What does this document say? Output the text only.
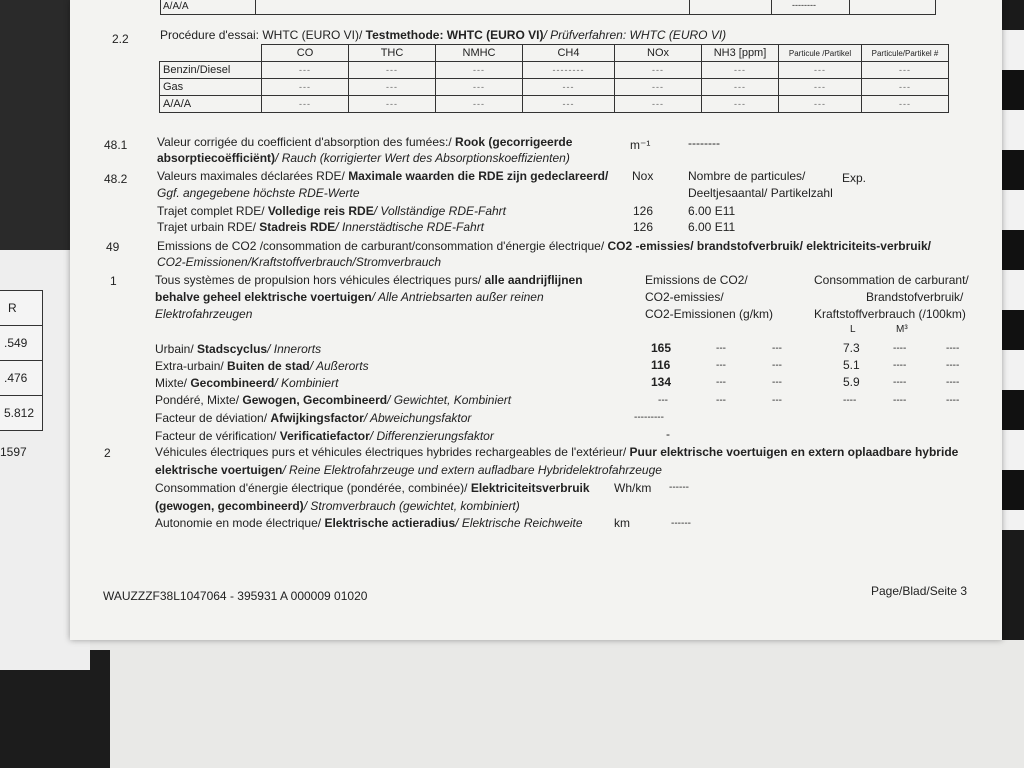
R
.549
.476
5.812
1597
A/A/A	--------
2.2	Procédure d'essai: WHTC (EURO VI)/ Testmethode: WHTC (EURO VI)/ Prüfverfahren: WHTC (EURO VI)
	CO	THC	NMHC	CH4	NOx	NH3 [ppm]	Particule /Partikel	Particule/Partikel #
Benzin/Diesel	---	---	---	--------	---	---	---	---
Gas	---	---	---	---	---	---	---	---
A/A/A	---	---	---	---	---	---	---	---
48.1 Valeur corrigée du coefficient d'absorption des fumées:/ Rook (gecorrigeerde
absorptiecoëfficiënt)/ Rauch (korrigierter Wert des Absorptionskoeffizienten)
m⁻¹	--------
48.2 Valeurs maximales déclarées RDE/ Maximale waarden die RDE zijn gedeclareerd/
Ggf. angegebene höchste RDE-Werte
Nox	Nombre de particules/
Deeltjesaantal/ Partikelzahl
Exp.
Trajet complet RDE/ Volledige reis RDE/ Vollständige RDE-Fahrt	126	6.00 E11
Trajet urbain RDE/ Stadreis RDE/ Innerstädtische RDE-Fahrt	126	6.00 E11
49	Emissions de CO2 /consommation de carburant/consommation d'énergie électrique/ CO2 -emissies/ brandstofverbruik/ elektriciteits-verbruik/
CO2-Emissionen/Kraftstoffverbrauch/Stromverbrauch
1	Tous systèmes de propulsion hors véhicules électriques purs/ alle aandrijflijnen
behalve geheel elektrische voertuigen/ Alle Antriebsarten außer reinen
Elektrofahrzeugen
Emissions de CO2/
CO2-emissies/
CO2-Emissionen (g/km)
Consommation de carburant/
Brandstofverbruik/
Kraftstoffverbrauch (/100km)
L	M³
Urbain/ Stadscyclus/ Innerorts	165	---	---	7.3	----	----
Extra-urbain/ Buiten de stad/ Außerorts	116	---	---	5.1	----	----
Mixte/ Gecombineerd/ Kombiniert	134	---	---	5.9	----	----
Pondéré, Mixte/ Gewogen, Gecombineerd/ Gewichtet, Kombiniert	---	---	---	----	----	----
Facteur de déviation/ Afwijkingsfactor/ Abweichungsfaktor	---------
Facteur de vérification/ Verificatiefactor/ Differenzierungsfaktor	-
2	Véhicules électriques purs et véhicules électriques hybrides rechargeables de l'extérieur/ Puur elektrische voertuigen en extern oplaadbare hybride
elektrische voertuigen/ Reine Elektrofahrzeuge und extern aufladbare Hybridelektrofahrzeuge
Consommation d'énergie électrique (pondérée, combinée)/ Elektriciteitsverbruik Wh/km ------
(gewogen, gecombineerd)/ Stromverbrauch (gewichtet, kombiniert)
Autonomie en mode électrique/ Elektrische actieradius/ Elektrische Reichweite	km	------
WAUZZZF38L1047064 - 395931 A 000009 01020	Page/Blad/Seite 3
